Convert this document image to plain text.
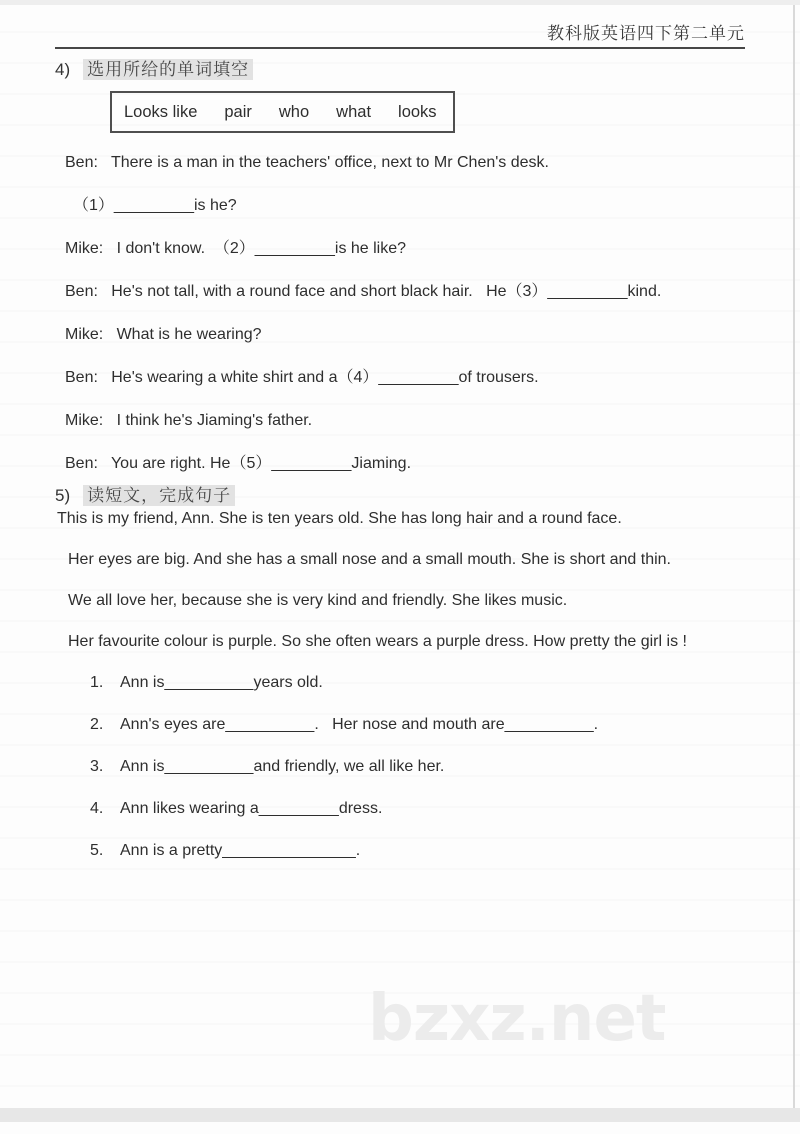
教科版英语四下第二单元
4) 选用所给的单词填空
Looks like pair who what looks

Ben:   There is a man in the teachers' office, next to Mr Chen's desk.

（1）_________is he?

Mike:   I don't know.  （2）_________is he like?

Ben:   He's not tall, with a round face and short black hair.   He（3）_________kind.

Mike:   What is he wearing?

Ben:   He's wearing a white shirt and a（4）_________of trousers.

Mike:   I think he's Jiaming's father.

Ben:   You are right. He（5）_________Jiaming.

5) 读短文，完成句子

This is my friend, Ann. She is ten years old. She has long hair and a round face.

Her eyes are big. And she has a small nose and a small mouth. She is short and thin.

We all love her, because she is very kind and friendly. She likes music.

Her favourite colour is purple. So she often wears a purple dress. How pretty the girl is !

1.	Ann is__________years old.
2.	Ann's eyes are__________.   Her nose and mouth are__________.
3.	Ann is__________and friendly, we all like her.
4.	Ann likes wearing a_________dress.
5.	Ann is a pretty_______________.
bzxz.net
